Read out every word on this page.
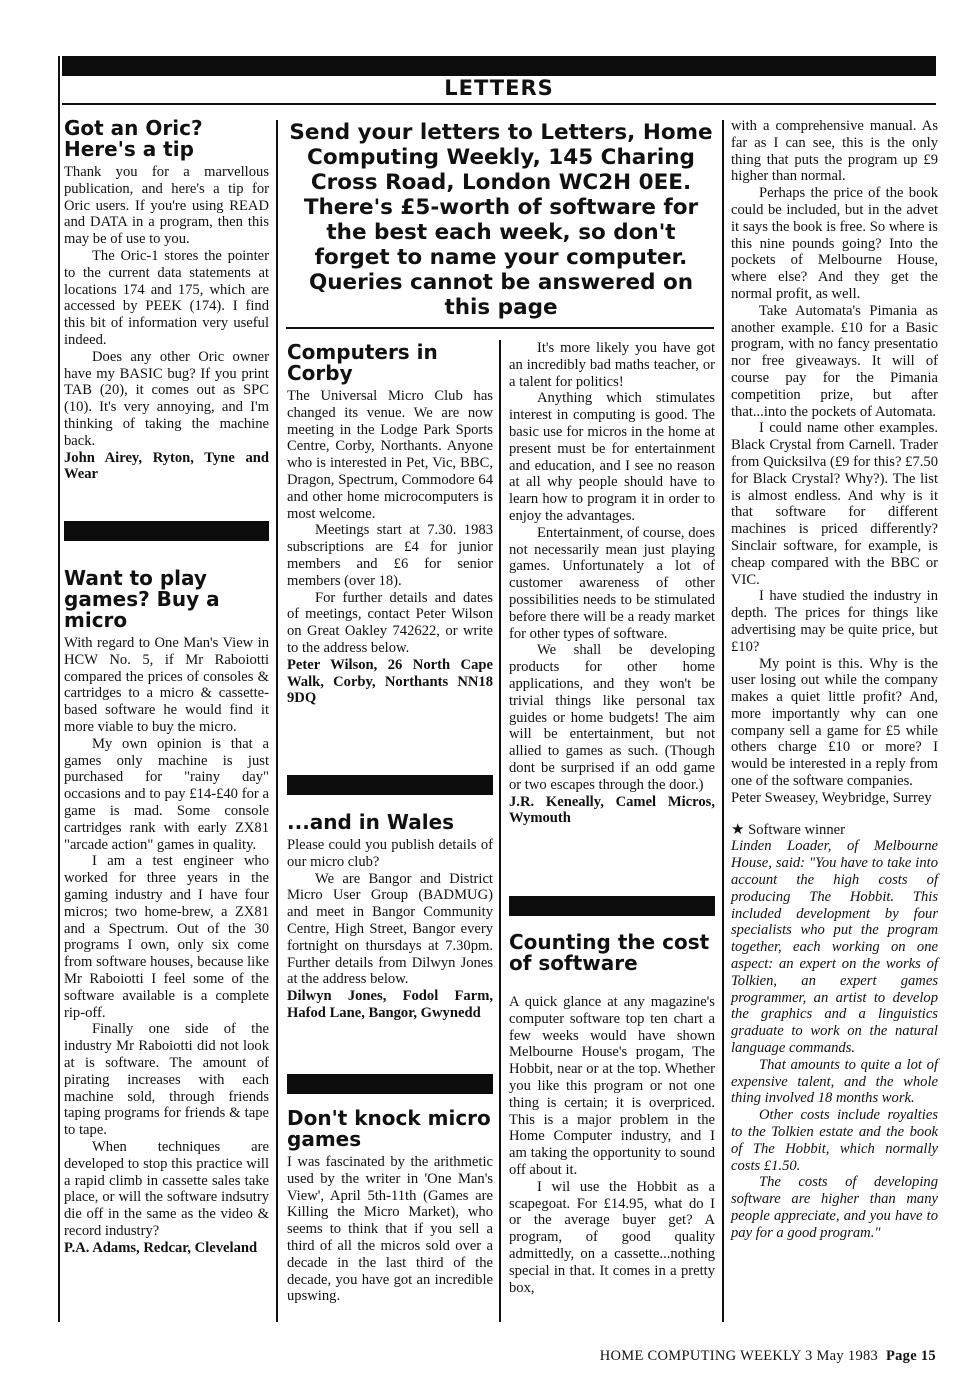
LETTERS
Got an Oric? Here's a tip

Thank you for a marvellous publication, and here's a tip for Oric users. If you're using READ and DATA in a program, then this may be of use to you.

The Oric-1 stores the pointer to the current data statements at locations 174 and 175, which are accessed by PEEK (174). I find this bit of information very useful indeed.

Does any other Oric owner have my BASIC bug? If you print TAB (20), it comes out as SPC (10). It's very annoying, and I'm thinking of taking the machine back.

John Airey, Ryton, Tyne and Wear

Want to play games? Buy a micro

With regard to One Man's View in HCW No. 5, if Mr Raboiotti compared the prices of consoles & cartridges to a micro & cassette-based software he would find it more viable to buy the micro.

My own opinion is that a games only machine is just purchased for "rainy day" occasions and to pay £14-£40 for a game is mad. Some console cartridges rank with early ZX81 "arcade action" games in quality.

I am a test engineer who worked for three years in the gaming industry and I have four micros; two home-brew, a ZX81 and a Spectrum. Out of the 30 programs I own, only six come from software houses, because like Mr Raboiotti I feel some of the software available is a complete rip-off.

Finally one side of the industry Mr Raboiotti did not look at is software. The amount of pirating increases with each machine sold, through friends taping programs for friends & tape to tape.

When techniques are developed to stop this practice will a rapid climb in cassette sales take place, or will the software indsutry die off in the same as the video & record industry?

P.A. Adams, Redcar, Cleveland

Send your letters to Letters, Home Computing Weekly, 145 Charing Cross Road, London WC2H 0EE. There's £5-worth of software for the best each week, so don't forget to name your computer. Queries cannot be answered on this page

Computers in Corby

The Universal Micro Club has changed its venue. We are now meeting in the Lodge Park Sports Centre, Corby, Northants. Anyone who is interested in Pet, Vic, BBC, Dragon, Spectrum, Commodore 64 and other home microcomputers is most welcome.

Meetings start at 7.30. 1983 subscriptions are £4 for junior members and £6 for senior members (over 18).

For further details and dates of meetings, contact Peter Wilson on Great Oakley 742622, or write to the address below.

Peter Wilson, 26 North Cape Walk, Corby, Northants NN18 9DQ

...and in Wales

Please could you publish details of our micro club?

We are Bangor and District Micro User Group (BADMUG) and meet in Bangor Community Centre, High Street, Bangor every fortnight on thursdays at 7.30pm. Further details from Dilwyn Jones at the address below.

Dilwyn Jones, Fodol Farm, Hafod Lane, Bangor, Gwynedd

Don't knock micro games

I was fascinated by the arithmetic used by the writer in 'One Man's View', April 5th-11th (Games are Killing the Micro Market), who seems to think that if you sell a third of all the micros sold over a decade in the last third of the decade, you have got an incredible upswing.

It's more likely you have got an incredibly bad maths teacher, or a talent for politics!

Anything which stimulates interest in computing is good. The basic use for micros in the home at present must be for entertainment and education, and I see no reason at all why people should have to learn how to program it in order to enjoy the advantages.

Entertainment, of course, does not necessarily mean just playing games. Unfortunately a lot of customer awareness of other possibilities needs to be stimulated before there will be a ready market for other types of software.

We shall be developing products for other home applications, and they won't be trivial things like personal tax guides or home budgets! The aim will be entertainment, but not allied to games as such. (Though dont be surprised if an odd game or two escapes through the door.)

J.R. Keneally, Camel Micros, Wymouth

Counting the cost of software

A quick glance at any magazine's computer software top ten chart a few weeks would have shown Melbourne House's progam, The Hobbit, near or at the top. Whether you like this program or not one thing is certain; it is overpriced. This is a major problem in the Home Computer industry, and I am taking the opportunity to sound off about it.

I wil use the Hobbit as a scapegoat. For £14.95, what do I or the average buyer get? A program, of good quality admittedly, on a cassette...nothing special in that. It comes in a pretty box,

with a comprehensive manual. As far as I can see, this is the only thing that puts the program up £9 higher than normal.

Perhaps the price of the book could be included, but in the advet it says the book is free. So where is this nine pounds going? Into the pockets of Melbourne House, where else? And they get the normal profit, as well.

Take Automata's Pimania as another example. £10 for a Basic program, with no fancy presentatio nor free giveaways. It will of course pay for the Pimania competition prize, but after that...into the pockets of Automata.

I could name other examples. Black Crystal from Carnell. Trader from Quicksilva (£9 for this? £7.50 for Black Crystal? Why?). The list is almost endless. And why is it that software for different machines is priced differently? Sinclair software, for example, is cheap compared with the BBC or VIC.

I have studied the industry in depth. The prices for things like advertising may be quite price, but £10?

My point is this. Why is the user losing out while the company makes a quiet little profit? And, more importantly why can one company sell a game for £5 while others charge £10 or more? I would be interested in a reply from one of the software companies.

Peter Sweasey, Weybridge, Surrey

★ Software winner

Linden Loader, of Melbourne House, said: "You have to take into account the high costs of producing The Hobbit. This included development by four specialists who put the program together, each working on one aspect: an expert on the works of Tolkien, an expert games programmer, an artist to develop the graphics and a linguistics graduate to work on the natural language commands.

That amounts to quite a lot of expensive talent, and the whole thing involved 18 months work.

Other costs include royalties to the Tolkien estate and the book of The Hobbit, which normally costs £1.50.

The costs of developing software are higher than many people appreciate, and you have to pay for a good program."

HOME COMPUTING WEEKLY 3 May 1983 Page 15
